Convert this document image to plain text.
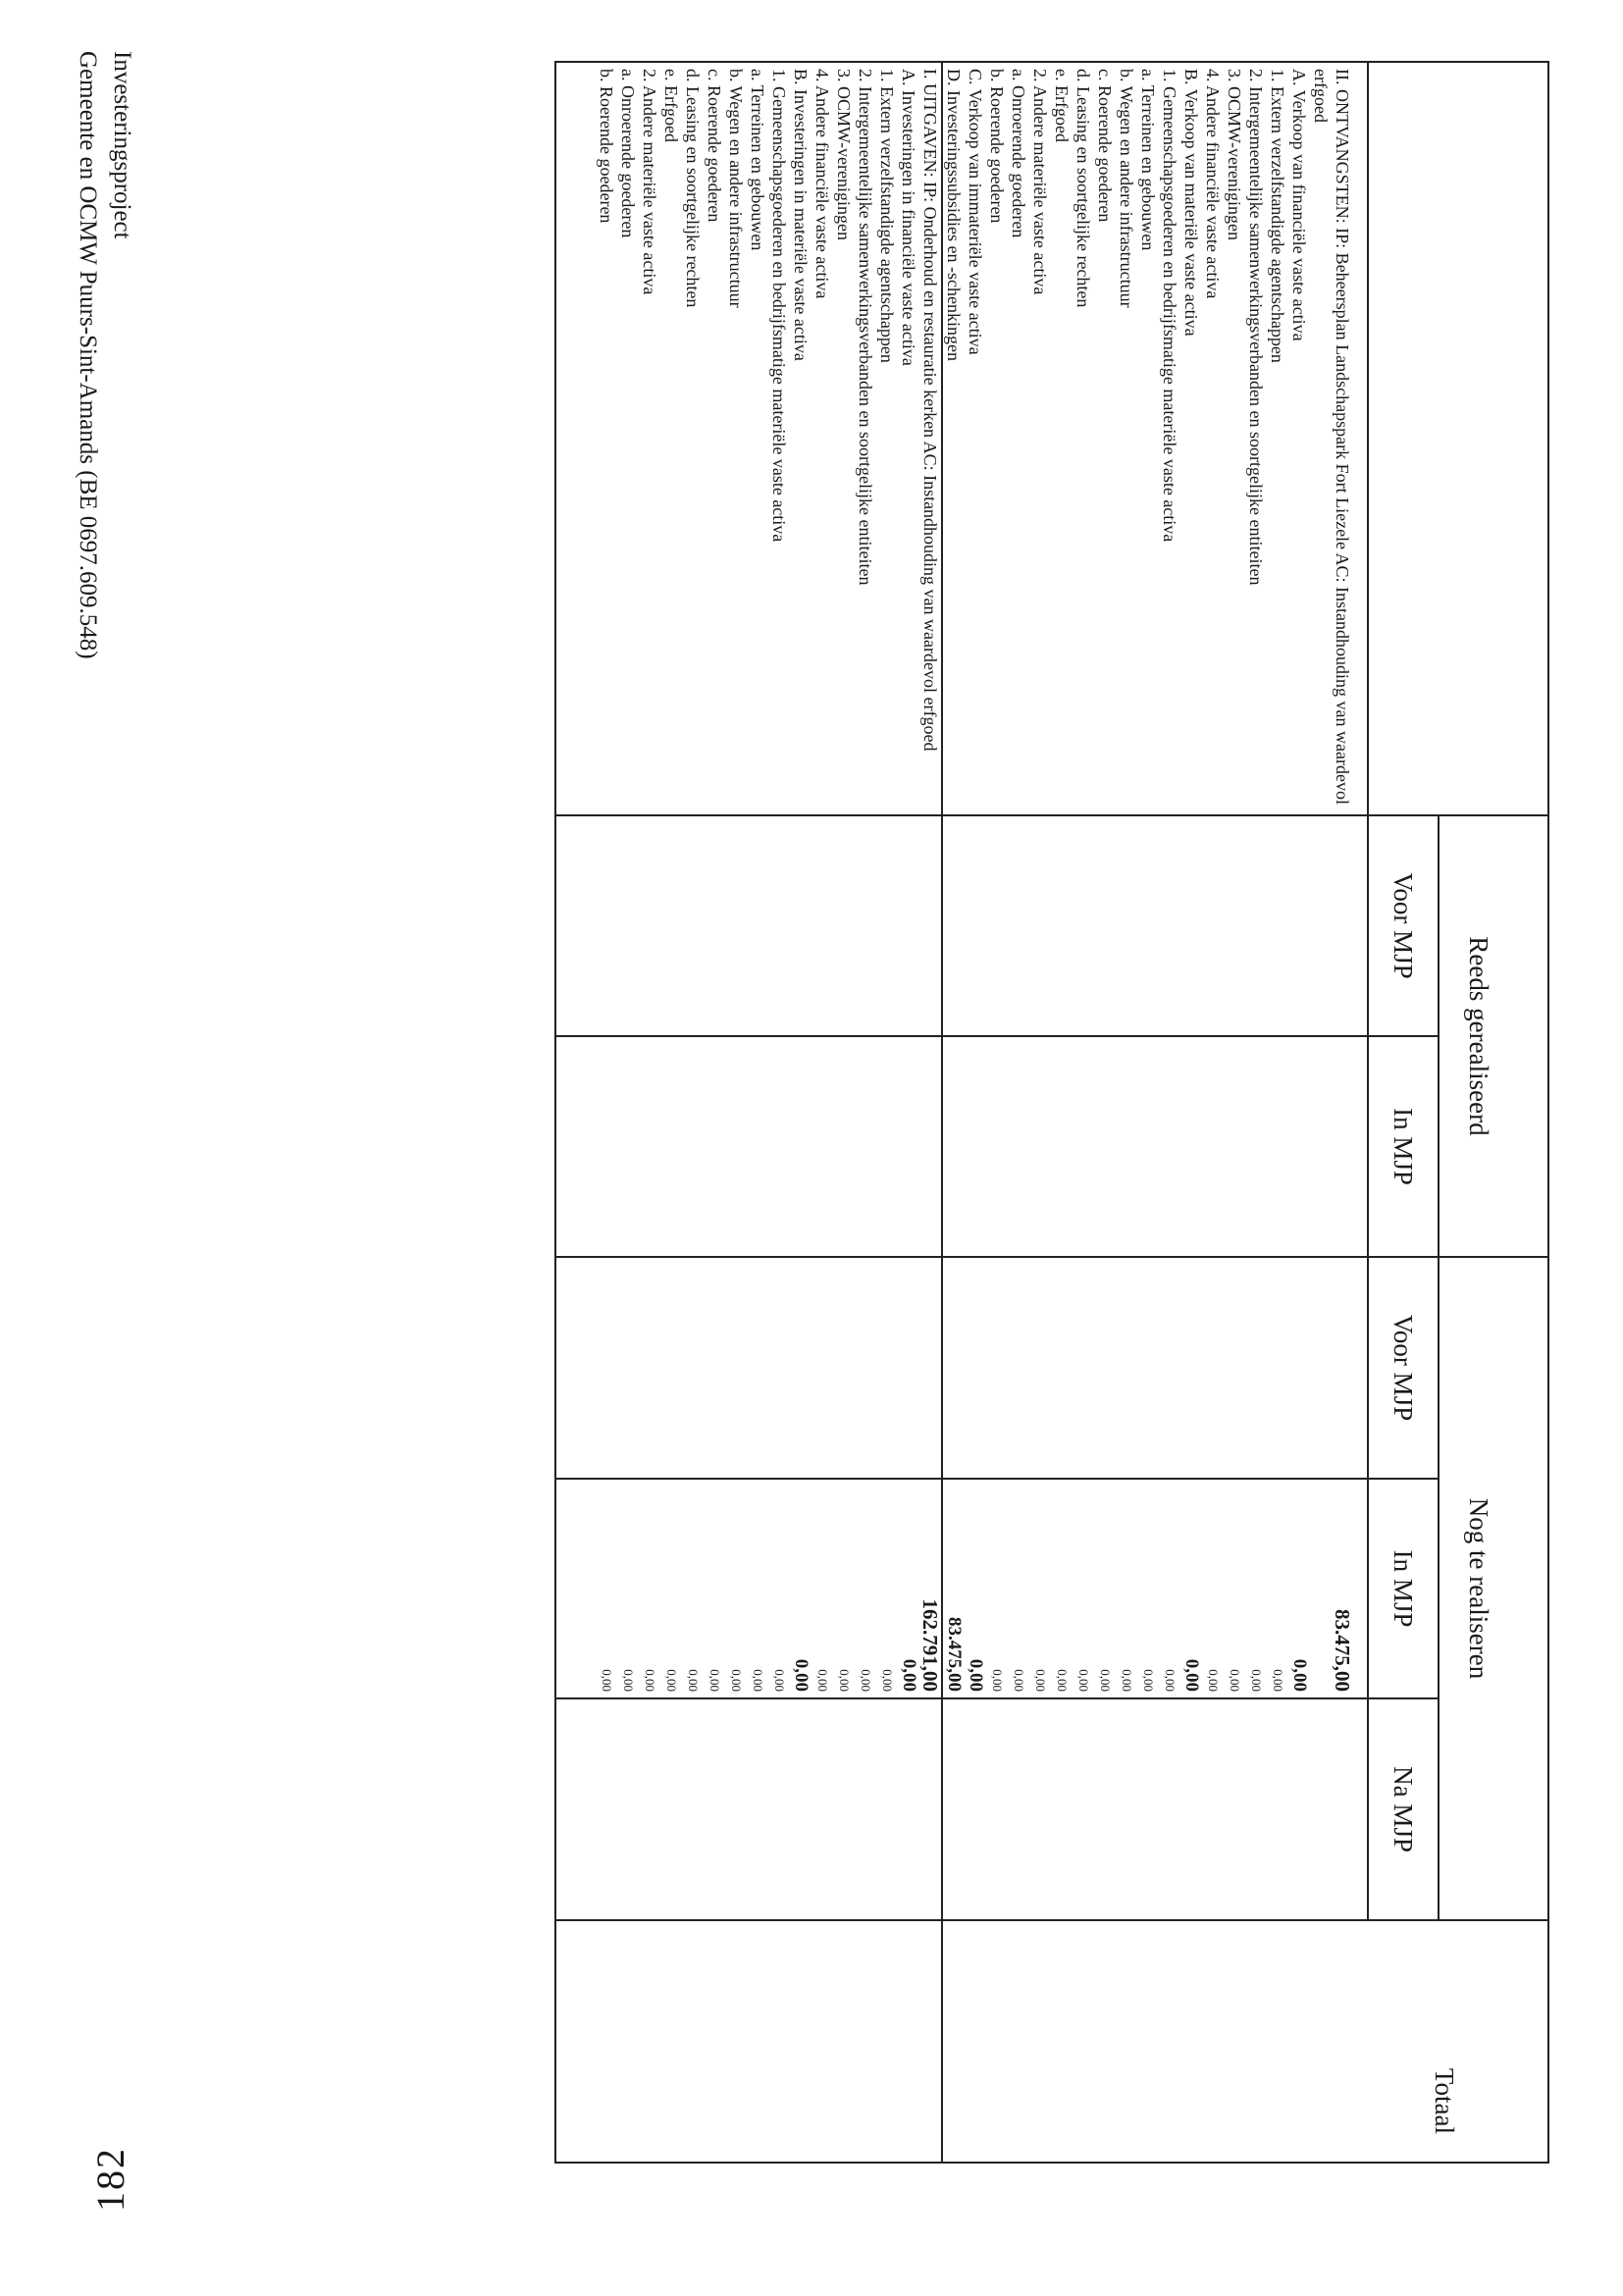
182
	Reeds gerealiseerd		Nog te realiseren			Totaal
	Voor MJP	In MJP	Voor MJP	In MJP	Na MJP	

II. ONTVANGSTEN: IP: Beheersplan Landschapspark Fort Liezele AC: Instandhouding van waardevol erfgoed				83.475,00		
A. Verkoop van financiële vaste activa				0,00		
1. Extern verzelfstandigde agentschappen				0,00		
2. Intergemeentelijke samenwerkingsverbanden en soortgelijke entiteiten				0,00		
3. OCMW-verenigingen				0,00		
4. Andere financiële vaste activa				0,00		
B. Verkoop van materiële vaste activa				0,00		
1. Gemeenschapsgoederen en bedrijfsmatige materiële vaste activa				0,00		
a. Terreinen en gebouwen				0,00		
b. Wegen en andere infrastructuur				0,00		
c. Roerende goederen				0,00		
d. Leasing en soortgelijke rechten				0,00		
e. Erfgoed				0,00		
2. Andere materiële vaste activa				0,00		
a. Onroerende goederen				0,00		
b. Roerende goederen				0,00		
C. Verkoop van immateriële vaste activa				0,00		
D. Investeringssubsidies en -schenkingen				83.475,00		
I. UITGAVEN: IP: Onderhoud en restauratie kerken AC: Instandhouding van waardevol erfgoed				162.791,00		
A. Investeringen in financiële vaste activa				0,00		
1. Extern verzelfstandigde agentschappen				0,00		
2. Intergemeentelijke samenwerkingsverbanden en soortgelijke entiteiten				0,00		
3. OCMW-verenigingen				0,00		
4. Andere financiële vaste activa				0,00		
B. Investeringen in materiële vaste activa				0,00		
1. Gemeenschapsgoederen en bedrijfsmatige materiële vaste activa				0,00		
a. Terreinen en gebouwen				0,00		
b. Wegen en andere infrastructuur				0,00		
c. Roerende goederen				0,00		
d. Leasing en soortgelijke rechten				0,00		
e. Erfgoed				0,00		
2. Andere materiële vaste activa				0,00		
a. Onroerende goederen				0,00		
b. Roerende goederen				0,00		

Investeringsproject
Gemeente en OCMW Puurs-Sint-Amands (BE 0697.609.548)
